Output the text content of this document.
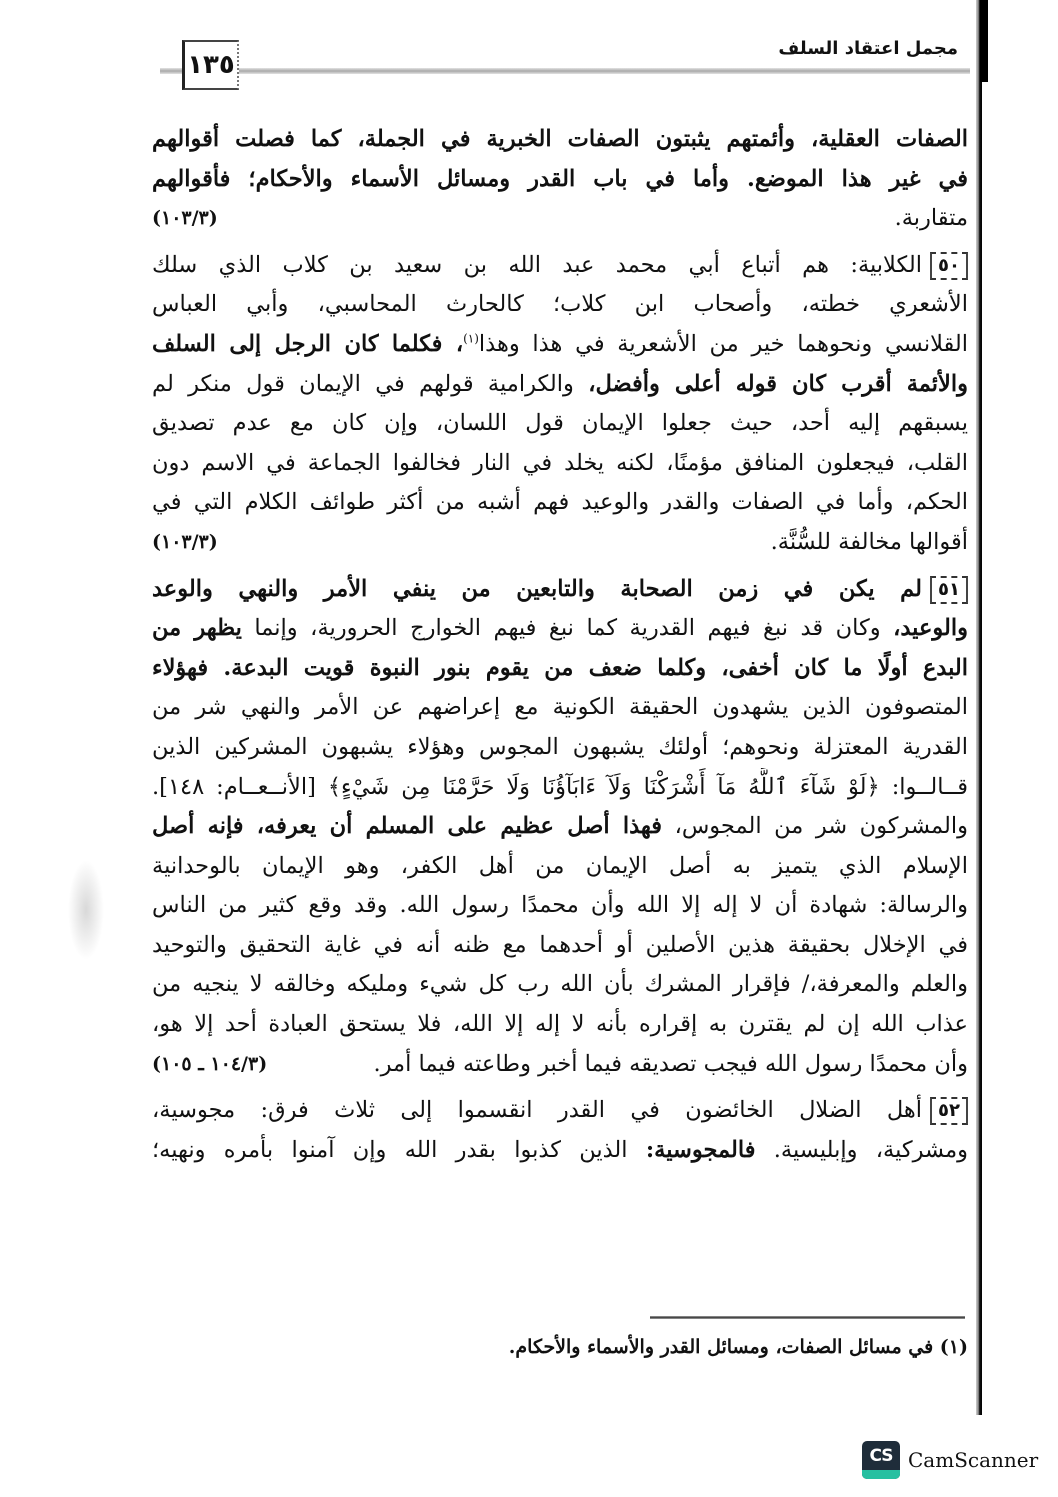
١٣٥
مجمل اعتقاد السلف
الصفات العقلية، وأئمتهم يثبتون الصفات الخبرية في الجملة، كما فصلت أقوالهم
في غير هذا الموضع. وأما في باب القدر ومسائل الأسماء والأحكام؛ فأقوالهم
متقاربة.
(١٠٣/٣)
٥٠الكلابية: هم أتباع أبي محمد عبد الله بن سعيد بن كلاب الذي سلك
الأشعري خطته، وأصحاب ابن كلاب؛ كالحارث المحاسبي، وأبي العباس
القلانسي ونحوهما خير من الأشعرية في هذا وهذا$^{(١)}$، فكلما كان الرجل إلى السلف
والأئمة أقرب كان قوله أعلى وأفضل، والكرامية قولهم في الإيمان قول منكر لم
يسبقهم إليه أحد، حيث جعلوا الإيمان قول اللسان، وإن كان مع عدم تصديق
القلب، فيجعلون المنافق مؤمنًا، لكنه يخلد في النار فخالفوا الجماعة في الاسم دون
الحكم، وأما في الصفات والقدر والوعيد فهم أشبه من أكثر طوائف الكلام التي في
أقوالها مخالفة للسُّنَّة.
(١٠٣/٣)
٥١لم يكن في زمن الصحابة والتابعين من ينفي الأمر والنهي والوعد
والوعيد، وكان قد نبغ فيهم القدرية كما نبغ فيهم الخوارج الحرورية، وإنما يظهر من
البدع أولًا ما كان أخفى، وكلما ضعف من يقوم بنور النبوة قويت البدعة. فهؤلاء
المتصوفون الذين يشهدون الحقيقة الكونية مع إعراضهم عن الأمر والنهي شر من
القدرية المعتزلة ونحوهم؛ أولئك يشبهون المجوس وهؤلاء يشبهون المشركين الذين
قــالــوا: ﴿لَوْ شَآءَ ٱللَّهُ مَآ أَشْرَكْنَا وَلَآ ءَابَآؤُنَا وَلَا حَرَّمْنَا مِن شَيْءٍ﴾ [الأنــعــام: ١٤٨].
والمشركون شر من المجوس، فهذا أصل عظيم على المسلم أن يعرفه، فإنه أصل
الإسلام الذي يتميز به أصل الإيمان من أهل الكفر، وهو الإيمان بالوحدانية
والرسالة: شهادة أن لا إله إلا الله وأن محمدًا رسول الله. وقد وقع كثير من الناس
في الإخلال بحقيقة هذين الأصلين أو أحدهما مع ظنه أنه في غاية التحقيق والتوحيد
والعلم والمعرفة،/ فإقرار المشرك بأن الله رب كل شيء ومليكه وخالقه لا ينجيه من
عذاب الله إن لم يقترن به إقراره بأنه لا إله إلا الله، فلا يستحق العبادة أحد إلا هو،
وأن محمدًا رسول الله فيجب تصديقه فيما أخبر وطاعته فيما أمر.
(١٠٤/٣ ـ ١٠٥)
٥٢أهل الضلال الخائضون في القدر انقسموا إلى ثلاث فرق: مجوسية،
ومشركية، وإبليسية. فالمجوسية: الذين كذبوا بقدر الله وإن آمنوا بأمره ونهيه؛
(١) في مسائل الصفات، ومسائل القدر والأسماء والأحكام.
CS CamScanner
